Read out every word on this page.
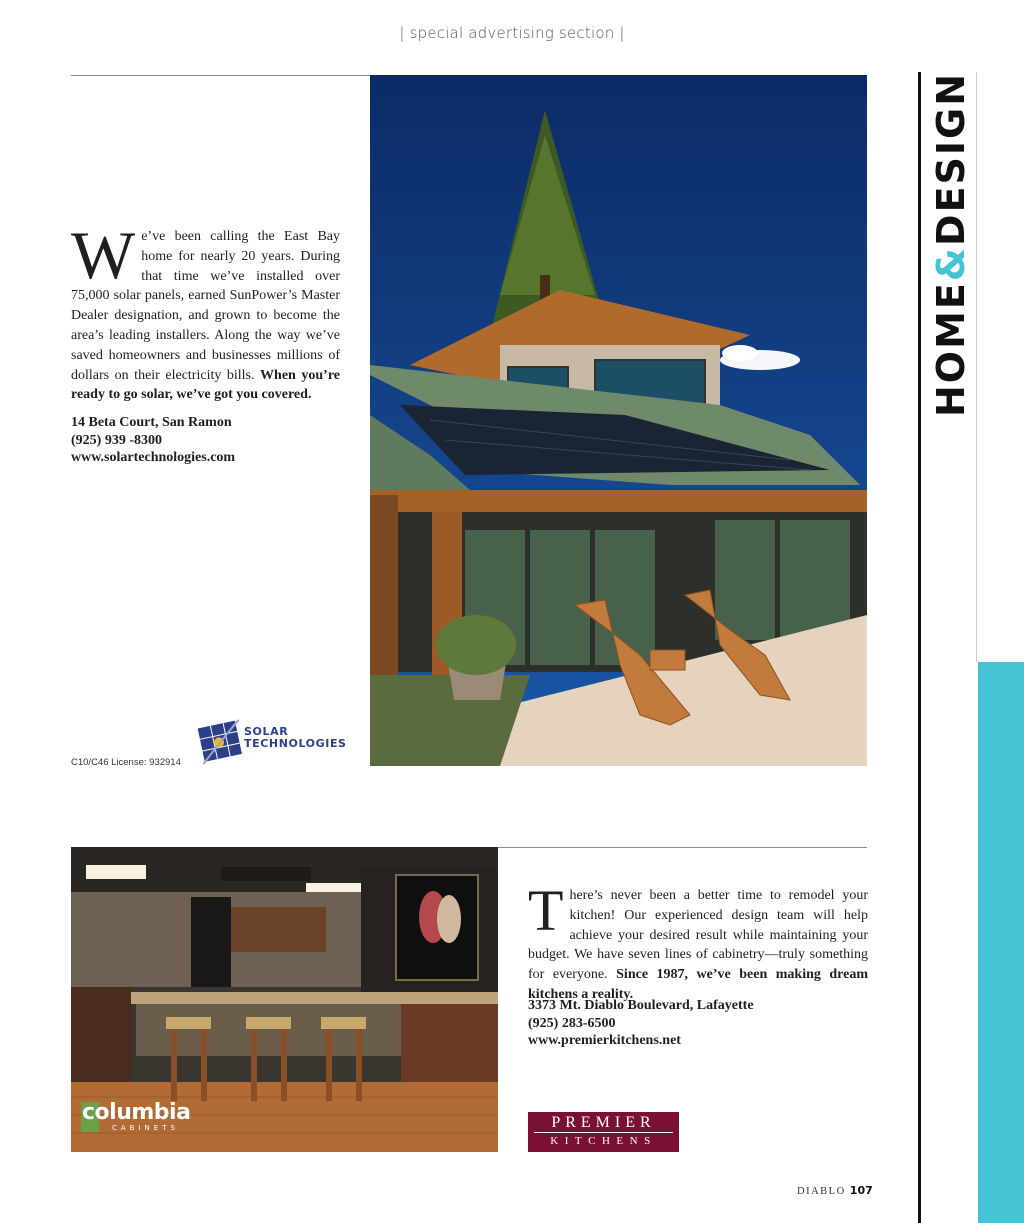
| special advertising section |
HOME&DESIGN
We’ve been calling the East Bay home for nearly 20 years. During that time we’ve installed over 75,000 solar panels, earned SunPower’s Master Dealer designation, and grown to become the area’s leading installers. Along the way we’ve saved homeowners and businesses millions of dollars on their electricity bills. When you’re ready to go solar, we’ve got you covered.
14 Beta Court, San Ramon
(925) 939 -8300
www.solartechnologies.com
SOLAR
TECHNOLOGIES
C10/C46 License: 932914
columbia
CABINETS
There’s never been a better time to remodel your kitchen! Our experienced design team will help achieve your desired result while maintaining your budget. We have seven lines of cabinetry—truly something for everyone. Since 1987, we’ve been making dream kitchens a reality.
3373 Mt. Diablo Boulevard, Lafayette
(925) 283-6500
www.premierkitchens.net
PREMIER
KITCHENS
DIABLO 107
